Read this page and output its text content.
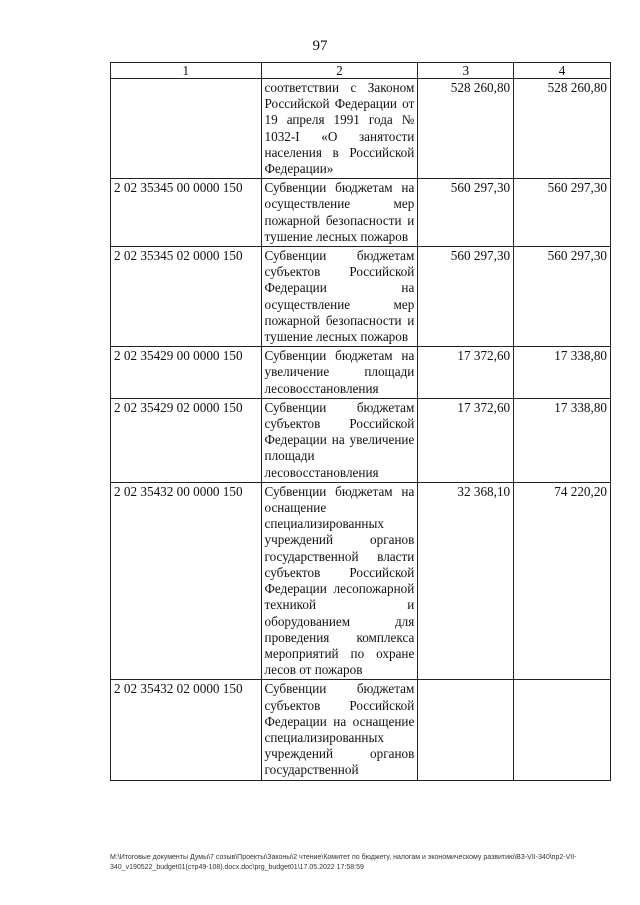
97
1	2	3	4
	соответствии с Законом Российской Федерации от 19 апреля 1991 года № 1032-I «О занятости населения в Российской Федерации»	528 260,80	528 260,80
2 02 35345 00 0000 150	Субвенции бюджетам на осуществление мер пожарной безопасности и тушение лесных пожаров	560 297,30	560 297,30
2 02 35345 02 0000 150	Субвенции бюджетам субъектов Российской Федерации на осуществление мер пожарной безопасности и тушение лесных пожаров	560 297,30	560 297,30
2 02 35429 00 0000 150	Субвенции бюджетам на увеличение площади лесовосстановления	17 372,60	17 338,80
2 02 35429 02 0000 150	Субвенции бюджетам субъектов Российской Федерации на увеличение площади лесовосстановления	17 372,60	17 338,80
2 02 35432 00 0000 150	Субвенции бюджетам на оснащение специализированных учреждений органов государственной власти субъектов Российской Федерации лесопожарной техникой и оборудованием для проведения комплекса мероприятий по охране лесов от пожаров	32 368,10	74 220,20
2 02 35432 02 0000 150	Субвенции бюджетам субъектов Российской Федерации на оснащение специализированных учреждений органов государственной		
M:\Итоговые документы Думы\7 созыв\Проекты\Законы\2 чтение\Комитет по бюджету, налогам и экономическому развитию\ВЗ-VII-340\пр2-VII-340_v190522_budget01(стр49-108).docx.doc\prg_budget01\17.05.2022 17:58:59
